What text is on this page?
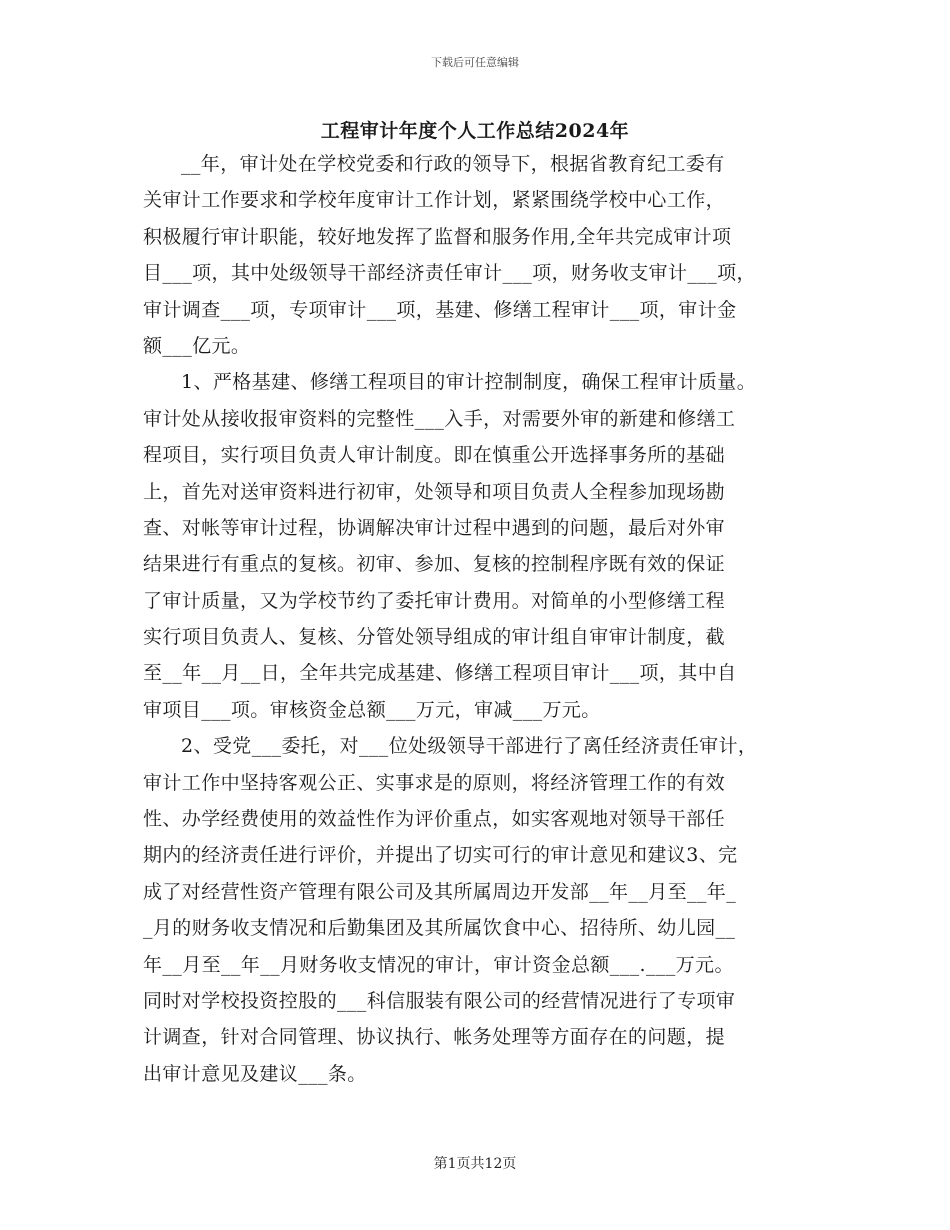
下载后可任意编辑
工程审计年度个人工作总结2024年
__年，审计处在学校党委和行政的领导下，根据省教育纪工委有
关审计工作要求和学校年度审计工作计划，紧紧围绕学校中心工作，
积极履行审计职能，较好地发挥了监督和服务作用,全年共完成审计项
目___项，其中处级领导干部经济责任审计___项，财务收支审计___项，
审计调查___项，专项审计___项，基建、修缮工程审计___项，审计金
额___亿元。
1、严格基建、修缮工程项目的审计控制制度，确保工程审计质量。
审计处从接收报审资料的完整性___入手，对需要外审的新建和修缮工
程项目，实行项目负责人审计制度。即在慎重公开选择事务所的基础
上，首先对送审资料进行初审，处领导和项目负责人全程参加现场勘
查、对帐等审计过程，协调解决审计过程中遇到的问题，最后对外审
结果进行有重点的复核。初审、参加、复核的控制程序既有效的保证
了审计质量，又为学校节约了委托审计费用。对简单的小型修缮工程
实行项目负责人、复核、分管处领导组成的审计组自审审计制度，截
至__年__月__日，全年共完成基建、修缮工程项目审计___项，其中自
审项目___项。审核资金总额___万元，审减___万元。
2、受党___委托，对___位处级领导干部进行了离任经济责任审计，
审计工作中坚持客观公正、实事求是的原则，将经济管理工作的有效
性、办学经费使用的效益性作为评价重点，如实客观地对领导干部任
期内的经济责任进行评价，并提出了切实可行的审计意见和建议3、完
成了对经营性资产管理有限公司及其所属周边开发部__年__月至__年_
_月的财务收支情况和后勤集团及其所属饮食中心、招待所、幼儿园__
年__月至__年__月财务收支情况的审计，审计资金总额___.___万元。
同时对学校投资控股的___科信服装有限公司的经营情况进行了专项审
计调查，针对合同管理、协议执行、帐务处理等方面存在的问题，提
出审计意见及建议___条。
第1页共12页
